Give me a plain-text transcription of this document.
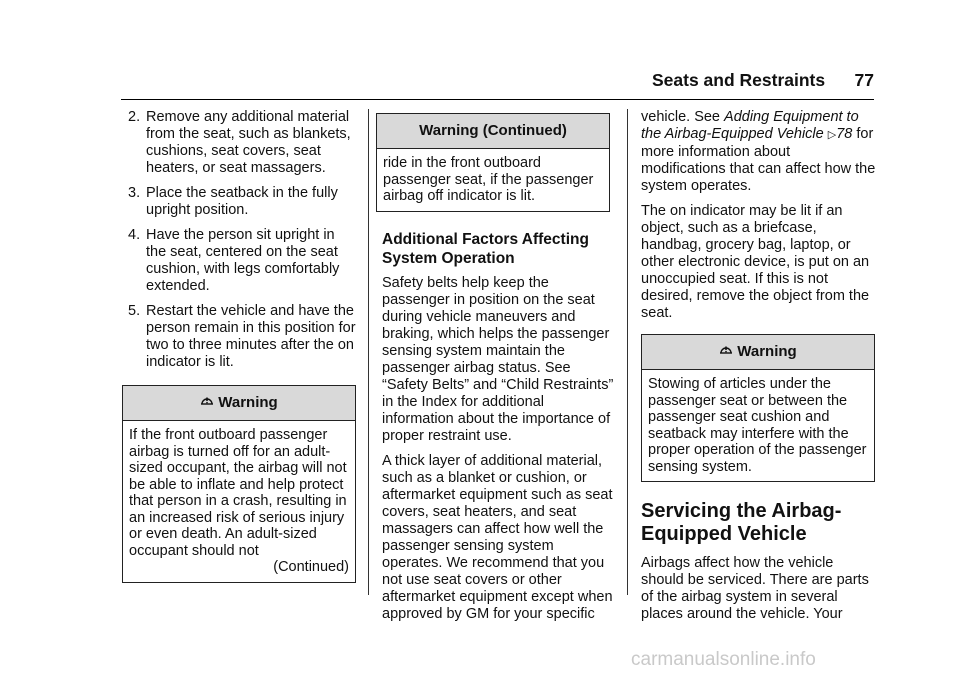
Seats and Restraints 77
2. Remove any additional material from the seat, such as blankets, cushions, seat covers, seat heaters, or seat massagers.
3. Place the seatback in the fully upright position.
4. Have the person sit upright in the seat, centered on the seat cushion, with legs comfortably extended.
5. Restart the vehicle and have the person remain in this position for two to three minutes after the on indicator is lit.
Warning
If the front outboard passenger airbag is turned off for an adult-sized occupant, the airbag will not be able to inflate and help protect that person in a crash, resulting in an increased risk of serious injury or even death. An adult-sized occupant should not
(Continued)
Warning (Continued)
ride in the front outboard passenger seat, if the passenger airbag off indicator is lit.
Additional Factors Affecting System Operation
Safety belts help keep the passenger in position on the seat during vehicle maneuvers and braking, which helps the passenger sensing system maintain the passenger airbag status. See “Safety Belts” and “Child Restraints” in the Index for additional information about the importance of proper restraint use.
A thick layer of additional material, such as a blanket or cushion, or aftermarket equipment such as seat covers, seat heaters, and seat massagers can affect how well the passenger sensing system operates. We recommend that you not use seat covers or other aftermarket equipment except when approved by GM for your specific
vehicle. See Adding Equipment to the Airbag-Equipped Vehicle ▷78 for more information about modifications that can affect how the system operates.
The on indicator may be lit if an object, such as a briefcase, handbag, grocery bag, laptop, or other electronic device, is put on an unoccupied seat. If this is not desired, remove the object from the seat.
Warning
Stowing of articles under the passenger seat or between the passenger seat cushion and seatback may interfere with the proper operation of the passenger sensing system.
Servicing the Airbag-Equipped Vehicle
Airbags affect how the vehicle should be serviced. There are parts of the airbag system in several places around the vehicle. Your
carmanualsonline.info
